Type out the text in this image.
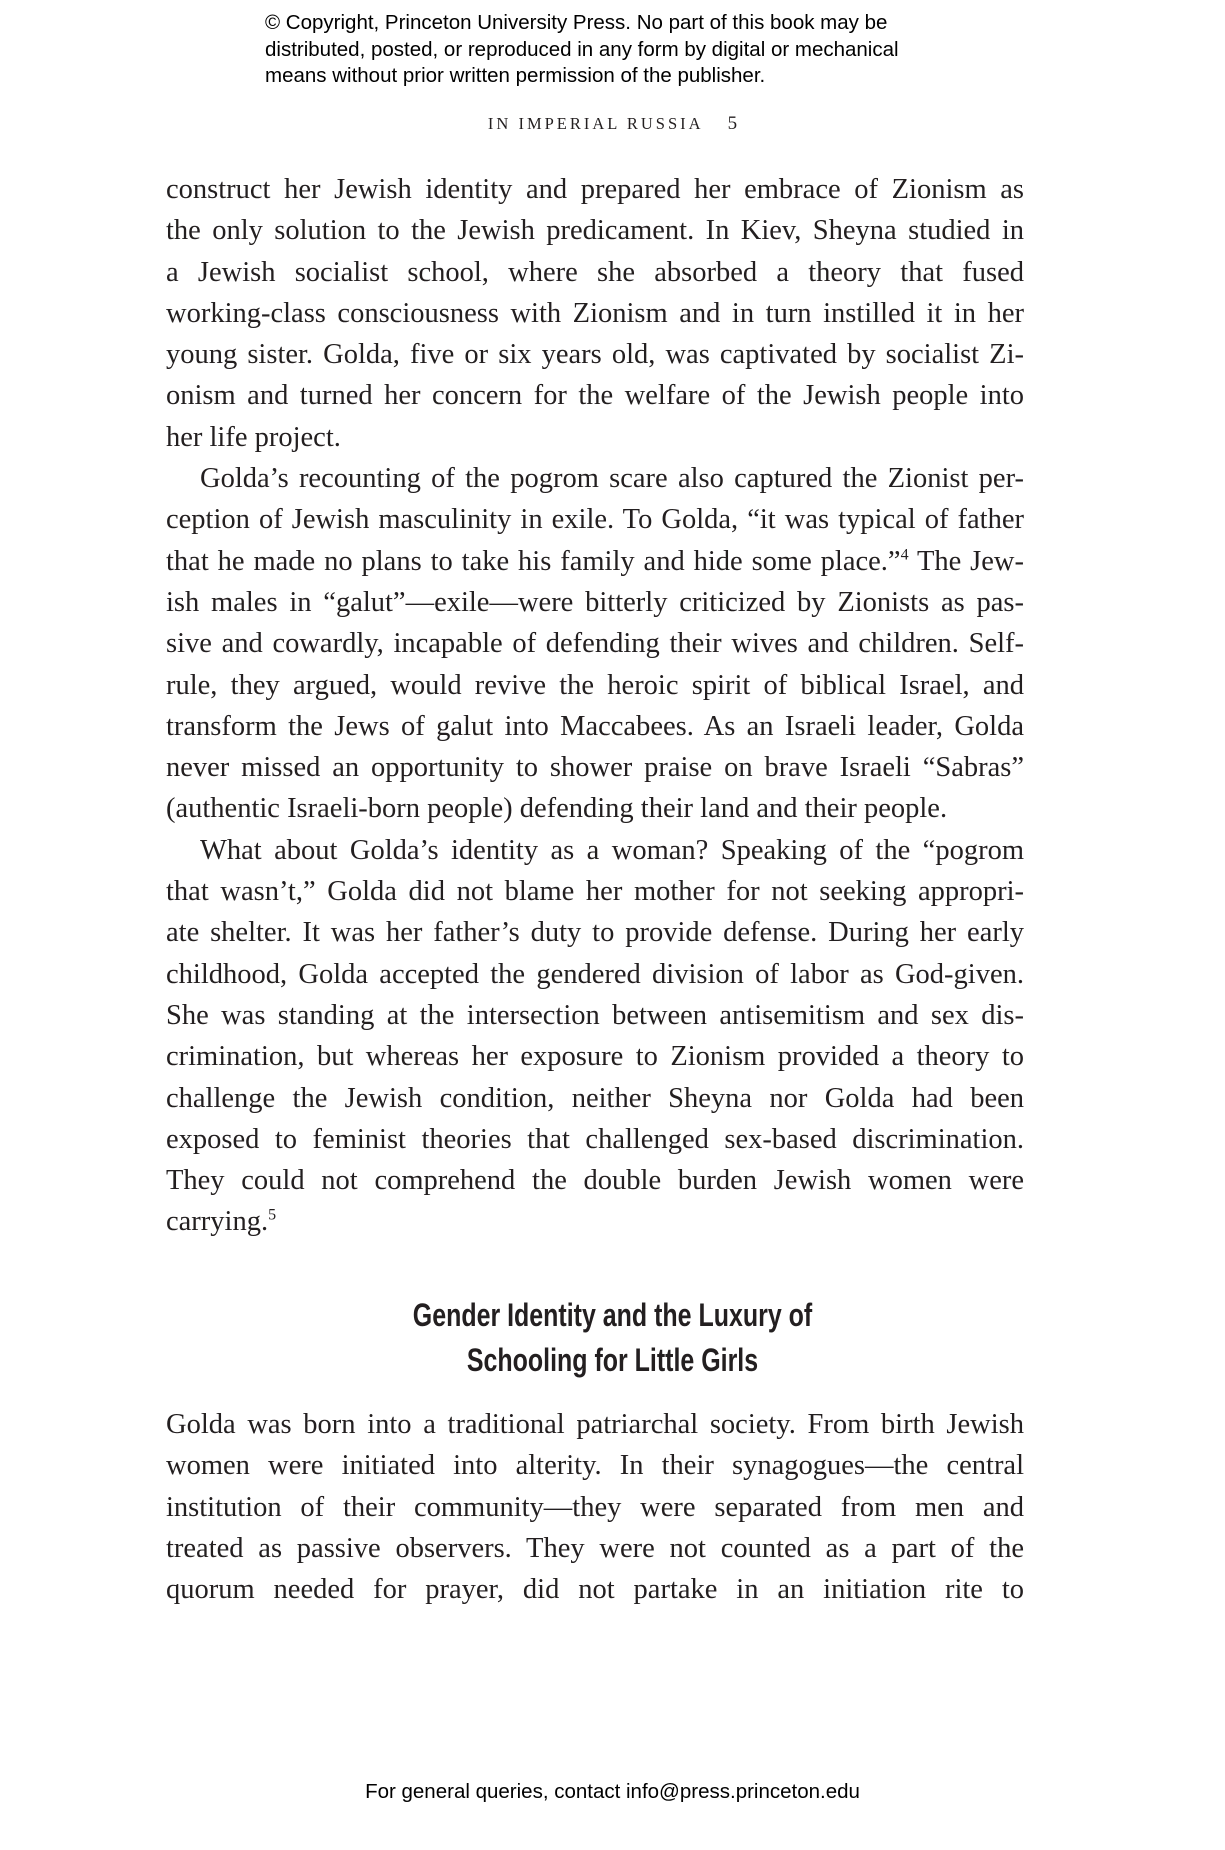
© Copyright, Princeton University Press. No part of this book may be
distributed, posted, or reproduced in any form by digital or mechanical
means without prior written permission of the publisher.
IN IMPERIAL RUSSIA 5
construct her Jewish identity and prepared her embrace of Zionism as
the only solution to the Jewish predicament. In Kiev, Sheyna studied in
a Jewish socialist school, where she absorbed a theory that fused
working-class consciousness with Zionism and in turn instilled it in her
young sister. Golda, five or six years old, was captivated by socialist Zi-
onism and turned her concern for the welfare of the Jewish people into
her life project.
Golda’s recounting of the pogrom scare also captured the Zionist per-
ception of Jewish masculinity in exile. To Golda, “it was typical of father
that he made no plans to take his family and hide some place.”$^4$ The Jew-
ish males in “galut”—exile—were bitterly criticized by Zionists as pas-
sive and cowardly, incapable of defending their wives and children. Self-
rule, they argued, would revive the heroic spirit of biblical Israel, and
transform the Jews of galut into Maccabees. As an Israeli leader, Golda
never missed an opportunity to shower praise on brave Israeli “Sabras”
(authentic Israeli-born people) defending their land and their people.
What about Golda’s identity as a woman? Speaking of the “pogrom
that wasn’t,” Golda did not blame her mother for not seeking appropri-
ate shelter. It was her father’s duty to provide defense. During her early
childhood, Golda accepted the gendered division of labor as God-given.
She was standing at the intersection between antisemitism and sex dis-
crimination, but whereas her exposure to Zionism provided a theory to
challenge the Jewish condition, neither Sheyna nor Golda had been
exposed to feminist theories that challenged sex-based discrimination.
They could not comprehend the double burden Jewish women were
carrying.$^5$
Gender Identity and the Luxury of
Schooling for Little Girls
Golda was born into a traditional patriarchal society. From birth Jewish
women were initiated into alterity. In their synagogues—the central
institution of their community—they were separated from men and
treated as passive observers. They were not counted as a part of the
quorum needed for prayer, did not partake in an initiation rite to
For general queries, contact info@press.princeton.edu
